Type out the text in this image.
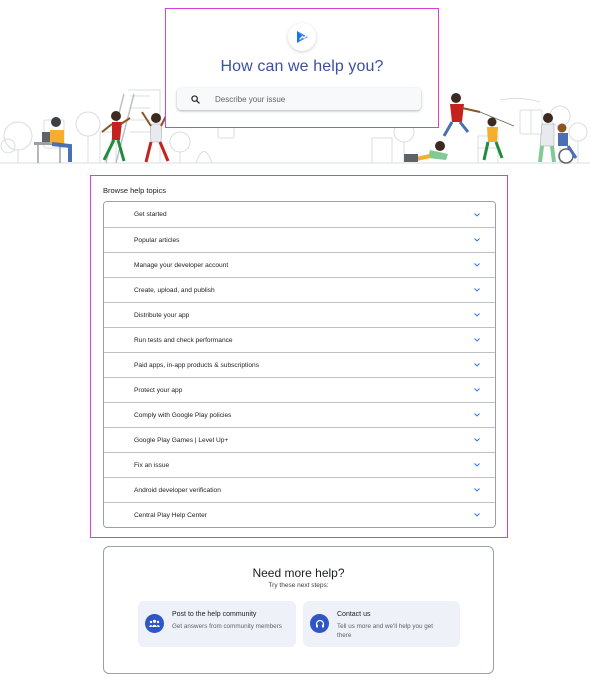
How can we help you?
Describe your issue
Browse help topics
Get started
Popular articles
Manage your developer account
Create, upload, and publish
Distribute your app
Run tests and check performance
Paid apps, in-app products & subscriptions
Protect your app
Comply with Google Play policies
Google Play Games | Level Up+
Fix an issue
Android developer verification
Central Play Help Center
Need more help?
Try these next steps:
Post to the help community
Get answers from community members
Contact us
Tell us more and we'll help you get there
